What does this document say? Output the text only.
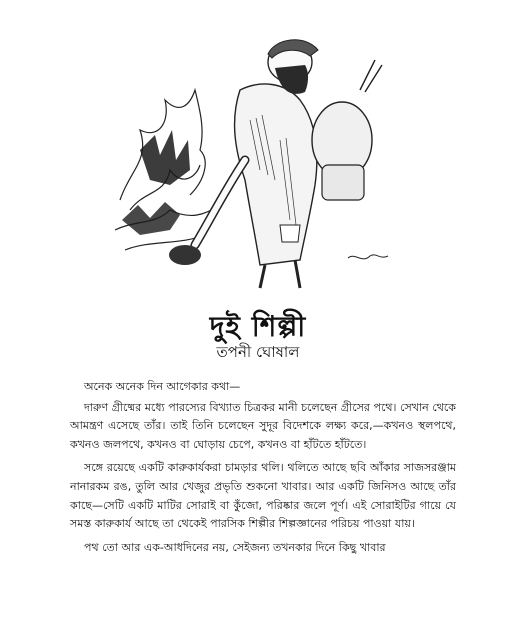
দুই শিল্পী
তপনী ঘোষাল

অনেক অনেক দিন আগেকার কথা—

দারুণ গ্রীষ্মের মধ্যে পারস্যের বিখ্যাত চিত্রকর মানী চলেছেন গ্রীসের পথে। সেখান থেকে আমন্ত্রণ এসেছে তাঁর। তাই তিনি চলেছেন সুদূর বিদেশকে লক্ষ্য করে,—কখনও স্থলপথে, কখনও জলপথে, কখনও বা ঘোড়ায় চেপে, কখনও বা হাঁটতে হাঁটতে।

সঙ্গে রয়েছে একটি কারুকার্যকরা চামড়ার থলি। থলিতে আছে ছবি আঁকার সাজসরঞ্জাম নানারকম রঙ, তুলি আর খেজুর প্রভৃতি শুকনো খাবার। আর একটি জিনিসও আছে তাঁর কাছে—সেটি একটি মাটির সোরাই বা কুঁজো, পরিষ্কার জলে পূর্ণ। এই সোরাইটির গায়ে যে সমস্ত কারুকার্য আছে তা থেকেই পারসিক শিল্পীর শিল্পজ্ঞানের পরিচয় পাওয়া যায়।

পথ তো আর এক-আধদিনের নয়, সেইজন্য তখনকার দিনে কিছু খাবার
